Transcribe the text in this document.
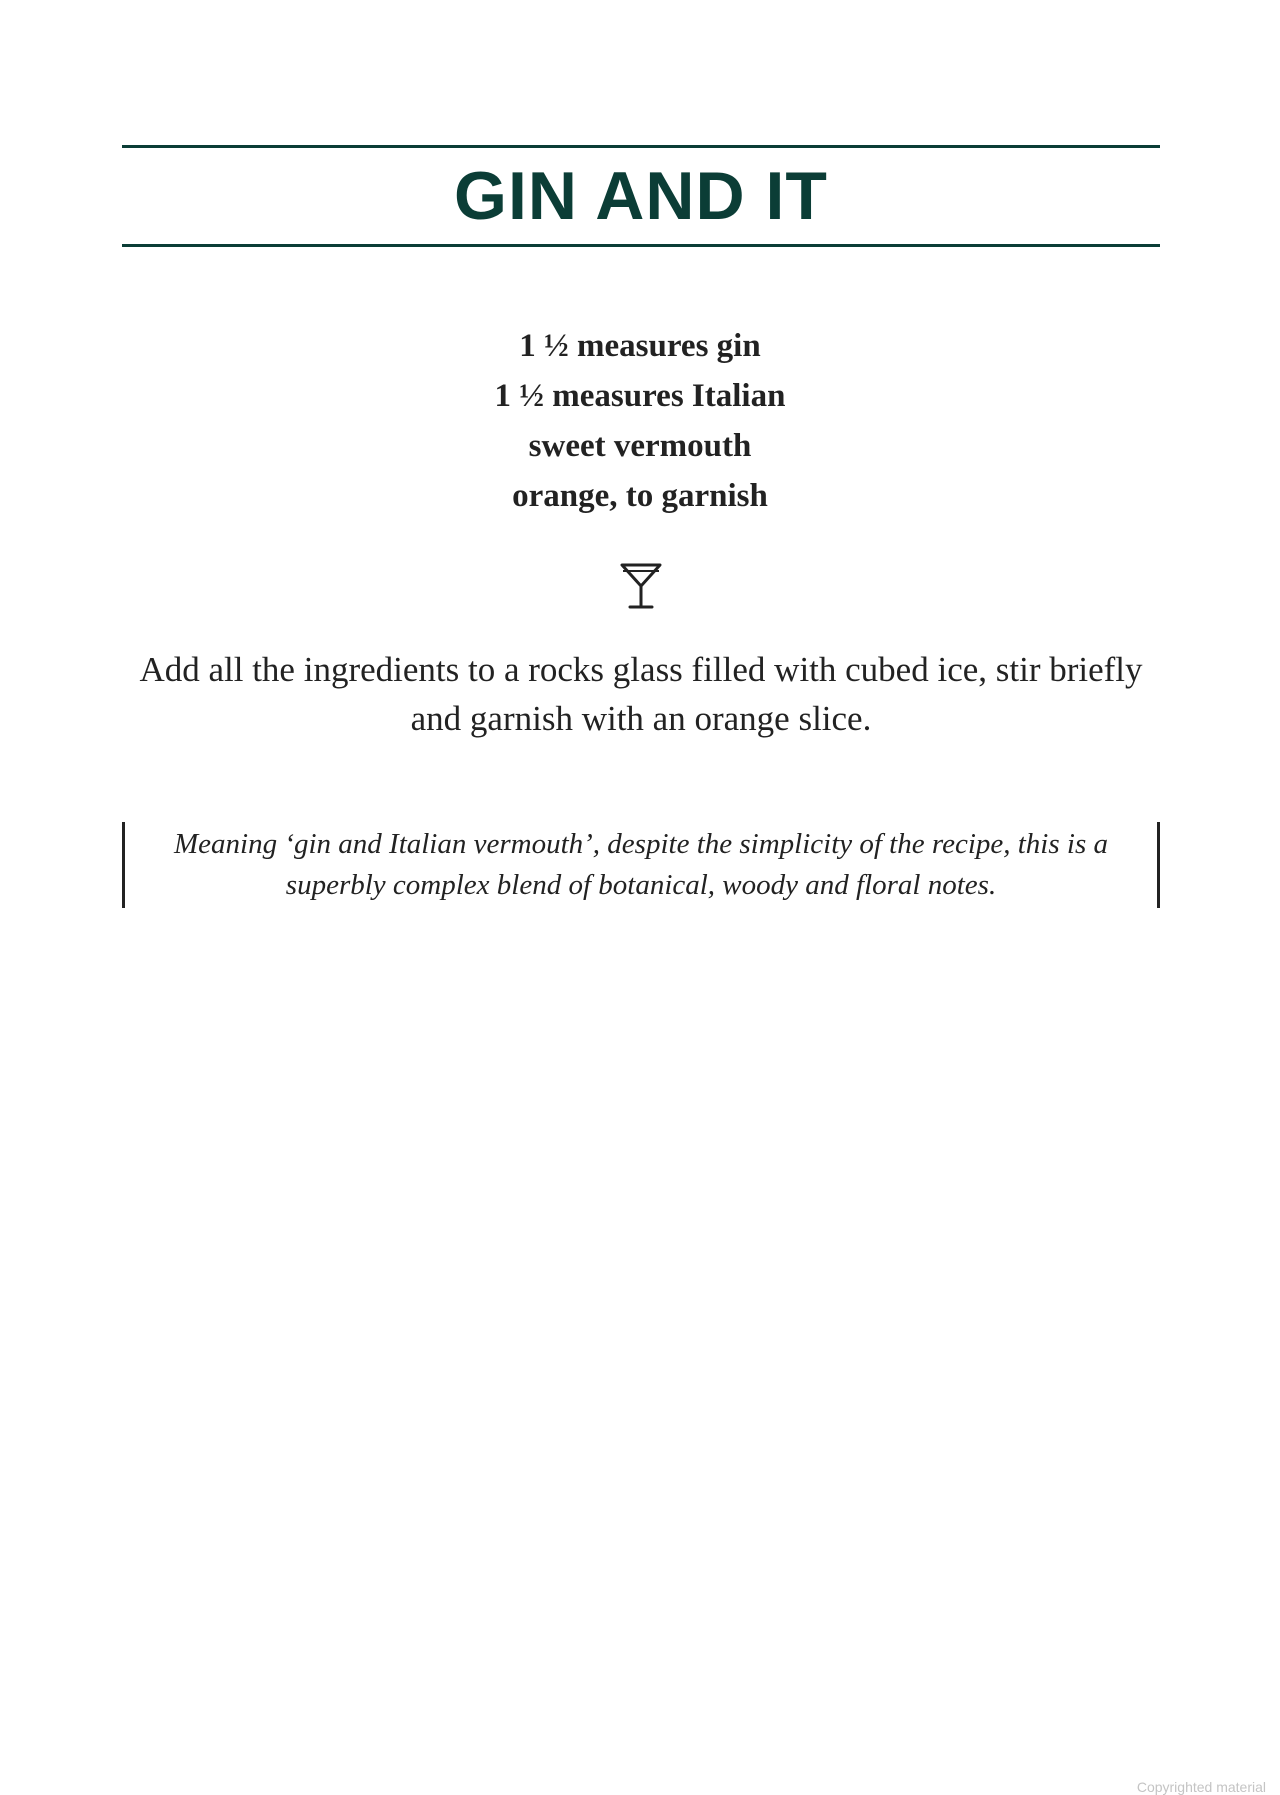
GIN AND IT
1 ½ measures gin
1 ½ measures Italian
sweet vermouth
orange, to garnish

Add all the ingredients to a rocks glass filled with cubed ice, stir briefly and garnish with an orange slice.

Meaning ‘gin and Italian vermouth’, despite the simplicity of the recipe, this is a superbly complex blend of botanical, woody and floral notes.

Copyrighted material
